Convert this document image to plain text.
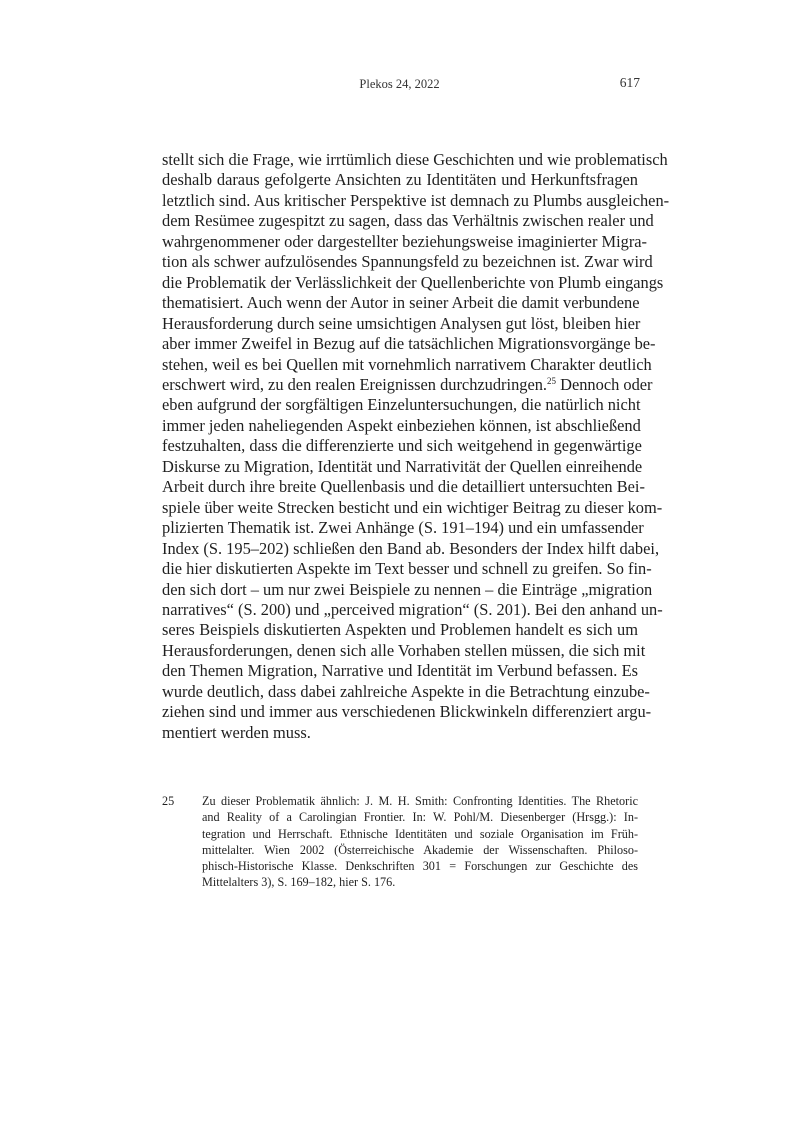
Plekos 24, 2022	617
stellt sich die Frage, wie irrtümlich diese Geschichten und wie problematisch
deshalb daraus gefolgerte Ansichten zu Identitäten und Herkunftsfragen
letztlich sind. Aus kritischer Perspektive ist demnach zu Plumbs ausgleichen-
dem Resümee zugespitzt zu sagen, dass das Verhältnis zwischen realer und
wahrgenommener oder dargestellter beziehungsweise imaginierter Migra-
tion als schwer aufzulösendes Spannungsfeld zu bezeichnen ist. Zwar wird
die Problematik der Verlässlichkeit der Quellenberichte von Plumb eingangs
thematisiert. Auch wenn der Autor in seiner Arbeit die damit verbundene
Herausforderung durch seine umsichtigen Analysen gut löst, bleiben hier
aber immer Zweifel in Bezug auf die tatsächlichen Migrationsvorgänge be-
stehen, weil es bei Quellen mit vornehmlich narrativem Charakter deutlich
erschwert wird, zu den realen Ereignissen durchzudringen.$^{25}$ Dennoch oder
eben aufgrund der sorgfältigen Einzeluntersuchungen, die natürlich nicht
immer jeden naheliegenden Aspekt einbeziehen können, ist abschließend
festzuhalten, dass die differenzierte und sich weitgehend in gegenwärtige
Diskurse zu Migration, Identität und Narrativität der Quellen einreihende
Arbeit durch ihre breite Quellenbasis und die detailliert untersuchten Bei-
spiele über weite Strecken besticht und ein wichtiger Beitrag zu dieser kom-
plizierten Thematik ist. Zwei Anhänge (S. 191–194) und ein umfassender
Index (S. 195–202) schließen den Band ab. Besonders der Index hilft dabei,
die hier diskutierten Aspekte im Text besser und schnell zu greifen. So fin-
den sich dort – um nur zwei Beispiele zu nennen – die Einträge „migration
narratives“ (S. 200) und „perceived migration“ (S. 201). Bei den anhand un-
seres Beispiels diskutierten Aspekten und Problemen handelt es sich um
Herausforderungen, denen sich alle Vorhaben stellen müssen, die sich mit
den Themen Migration, Narrative und Identität im Verbund befassen. Es
wurde deutlich, dass dabei zahlreiche Aspekte in die Betrachtung einzube-
ziehen sind und immer aus verschiedenen Blickwinkeln differenziert argu-
mentiert werden muss.
25 Zu dieser Problematik ähnlich: J. M. H. Smith: Confronting Identities. The Rhetoric
and Reality of a Carolingian Frontier. In: W. Pohl/M. Diesenberger (Hrsgg.): In-
tegration und Herrschaft. Ethnische Identitäten und soziale Organisation im Früh-
mittelalter. Wien 2002 (Österreichische Akademie der Wissenschaften. Philoso-
phisch-Historische Klasse. Denkschriften 301 = Forschungen zur Geschichte des
Mittelalters 3), S. 169–182, hier S. 176.
